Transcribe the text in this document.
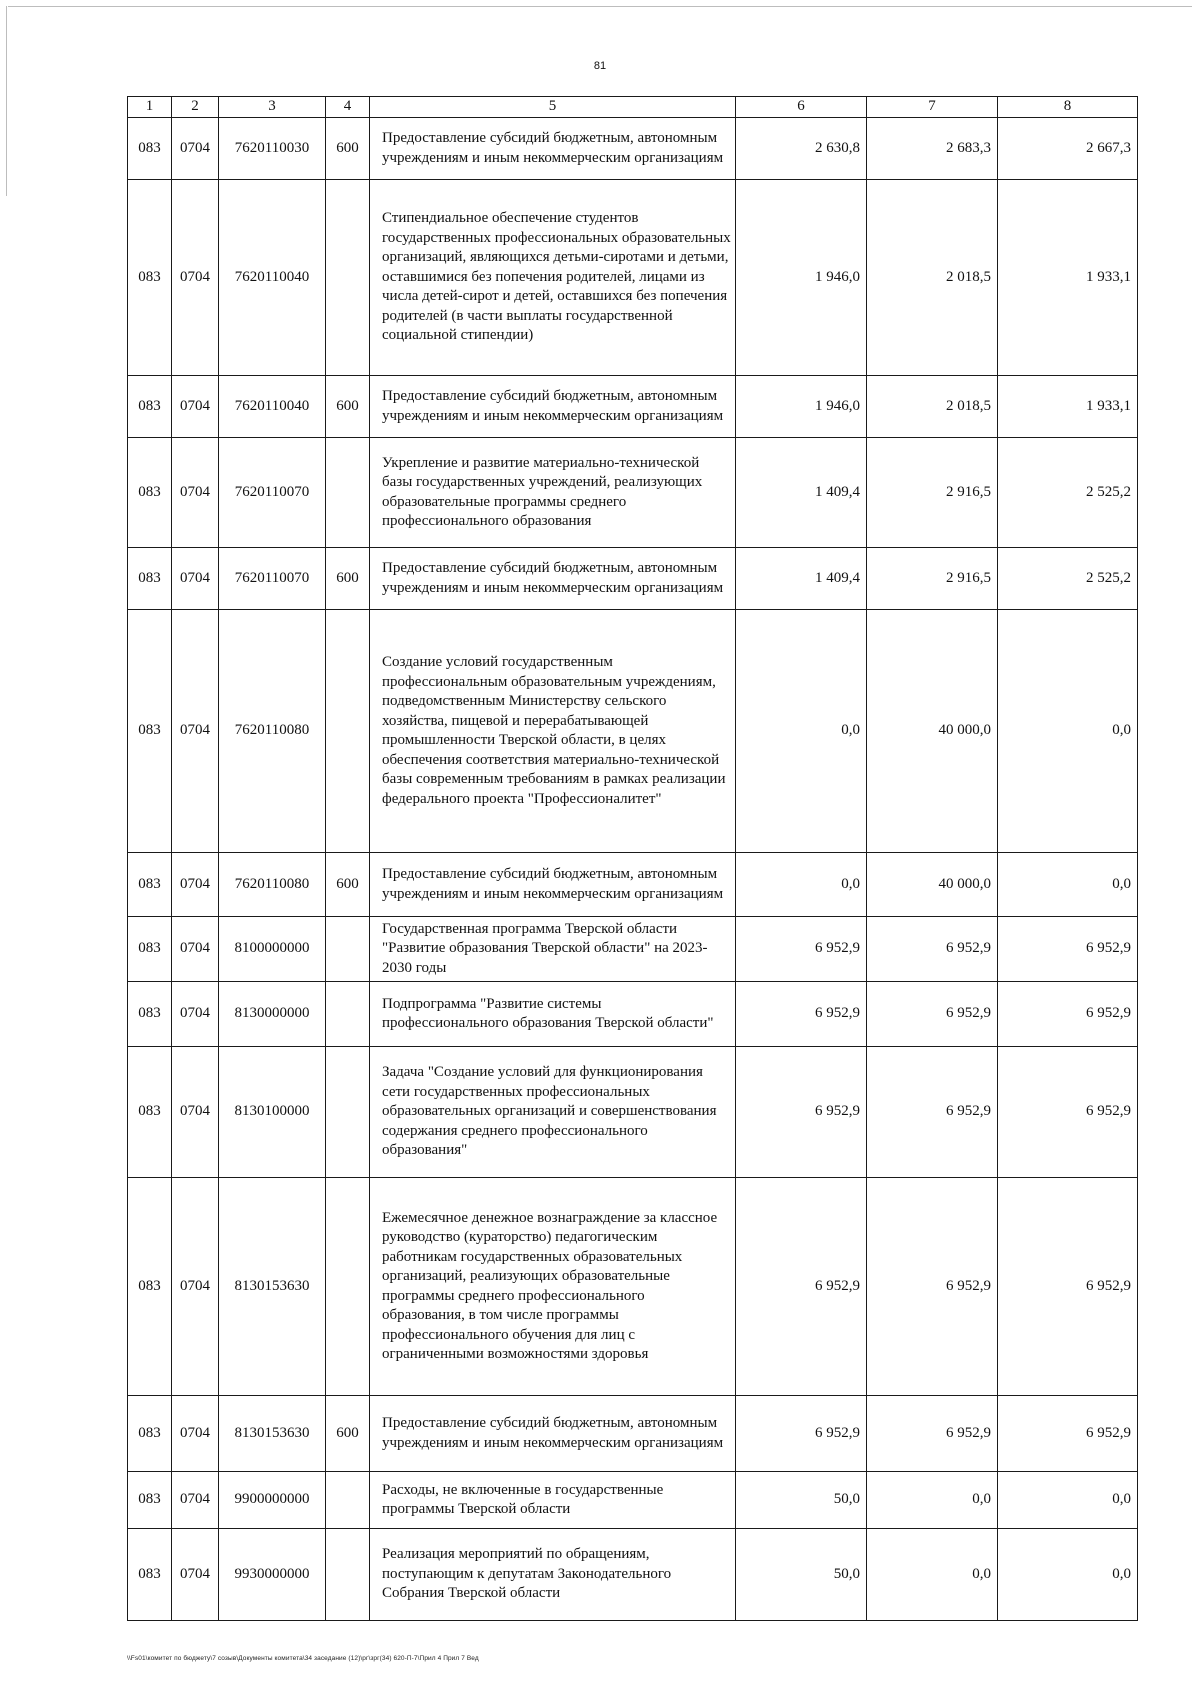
81
1	2	3	4	5	6	7	8
083	0704	7620110030	600	Предоставление субсидий бюджетным, автономным учреждениям и иным некоммерческим организациям	2 630,8	2 683,3	2 667,3
083	0704	7620110040		Стипендиальное обеспечение студентов государственных профессиональных образовательных организаций, являющихся детьми-сиротами и детьми, оставшимися без попечения родителей, лицами из числа детей-сирот и детей, оставшихся без попечения родителей (в части выплаты государственной социальной стипендии)	1 946,0	2 018,5	1 933,1
083	0704	7620110040	600	Предоставление субсидий бюджетным, автономным учреждениям и иным некоммерческим организациям	1 946,0	2 018,5	1 933,1
083	0704	7620110070		Укрепление и развитие материально-технической базы государственных учреждений, реализующих образовательные программы среднего профессионального образования	1 409,4	2 916,5	2 525,2
083	0704	7620110070	600	Предоставление субсидий бюджетным, автономным учреждениям и иным некоммерческим организациям	1 409,4	2 916,5	2 525,2
083	0704	7620110080		Создание условий государственным профессиональным образовательным учреждениям, подведомственным Министерству сельского хозяйства, пищевой и перерабатывающей промышленности Тверской области, в целях обеспечения соответствия материально-технической базы современным требованиям в рамках реализации федерального проекта "Профессионалитет"	0,0	40 000,0	0,0
083	0704	7620110080	600	Предоставление субсидий бюджетным, автономным учреждениям и иным некоммерческим организациям	0,0	40 000,0	0,0
083	0704	8100000000		Государственная программа Тверской области "Развитие образования Тверской области" на 2023-2030 годы	6 952,9	6 952,9	6 952,9
083	0704	8130000000		Подпрограмма "Развитие системы профессионального образования Тверской области"	6 952,9	6 952,9	6 952,9
083	0704	8130100000		Задача "Создание условий для функционирования сети государственных профессиональных образовательных организаций и совершенствования содержания среднего профессионального образования"	6 952,9	6 952,9	6 952,9
083	0704	8130153630		Ежемесячное денежное вознаграждение за классное руководство (кураторство) педагогическим работникам государственных образовательных организаций, реализующих образовательные программы среднего профессионального образования, в том числе программы профессионального обучения для лиц с ограниченными возможностями здоровья	6 952,9	6 952,9	6 952,9
083	0704	8130153630	600	Предоставление субсидий бюджетным, автономным учреждениям и иным некоммерческим организациям	6 952,9	6 952,9	6 952,9
083	0704	9900000000		Расходы, не включенные в государственные программы Тверской области	50,0	0,0	0,0
083	0704	9930000000		Реализация мероприятий по обращениям, поступающим к депутатам Законодательного Собрания Тверской области	50,0	0,0	0,0
\\Fs01\комитет по бюджету\7 созыв\Документы комитета\34 заседание (12)\рг\зрг(34) 620-П-7\Прил 4 Прил 7 Вед
